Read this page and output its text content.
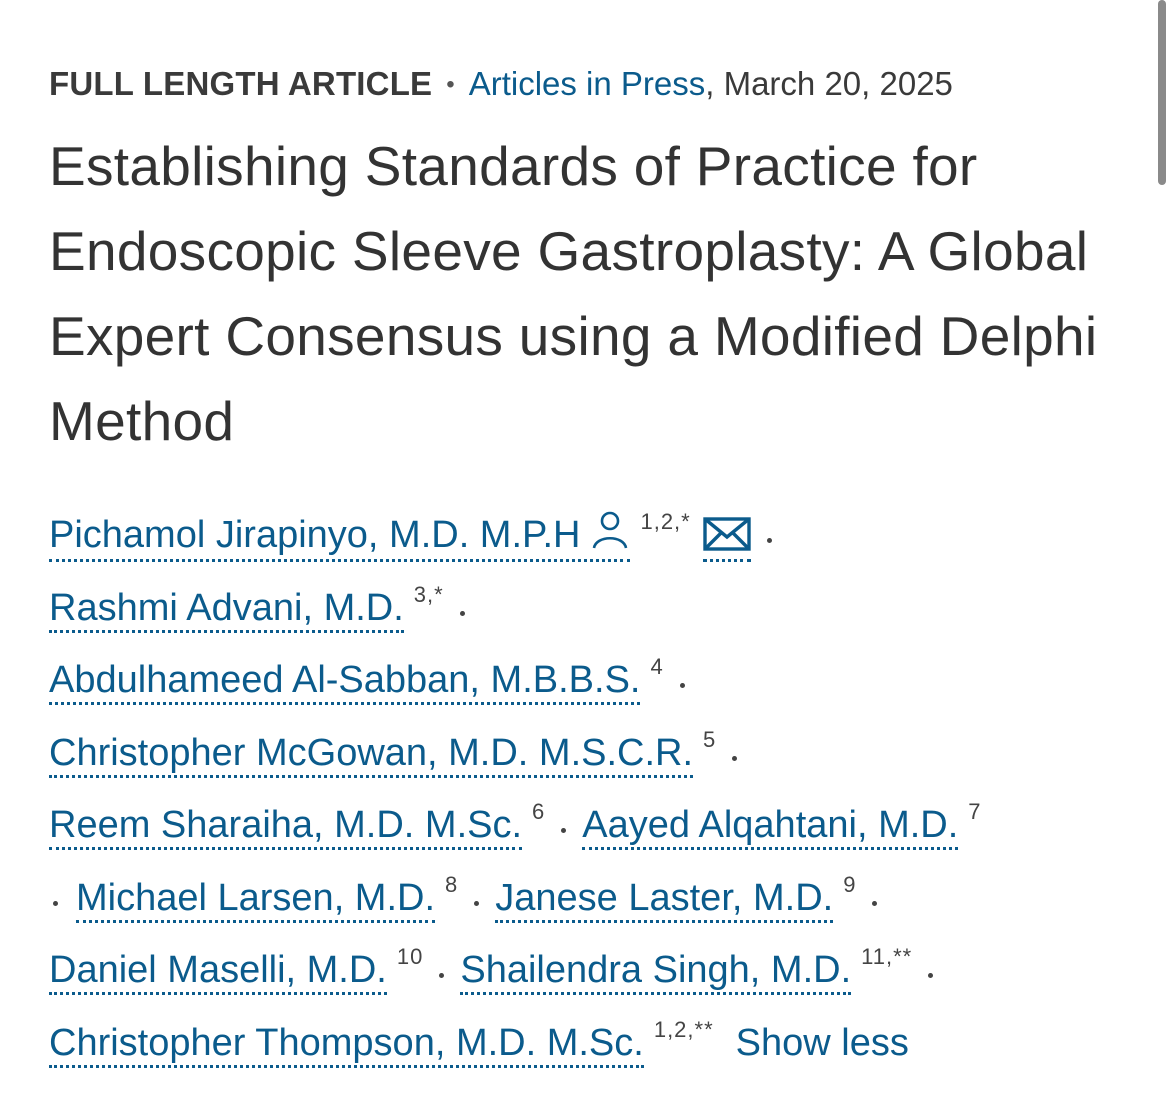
FULL LENGTH ARTICLE • Articles in Press, March 20, 2025
Establishing Standards of Practice for Endoscopic Sleeve Gastroplasty: A Global Expert Consensus using a Modified Delphi Method
Pichamol Jirapinyo, M.D. M.P.H	$^{1,2,*}$
Rashmi Advani, M.D. $^{3,*}$
Abdulhameed Al-Sabban, M.B.B.S. $^4$
Christopher McGowan, M.D. M.S.C.R. $^5$
Reem Sharaiha, M.D. M.Sc. $^6$ Aayed Alqahtani, M.D. $^7$
Michael Larsen, M.D. $^8$ Janese Laster, M.D. $^9$
Daniel Maselli, M.D. $^{10}$ Shailendra Singh, M.D. $^{11,**}$
Christopher Thompson, M.D. M.Sc. $^{1,2,**}$ Show less
